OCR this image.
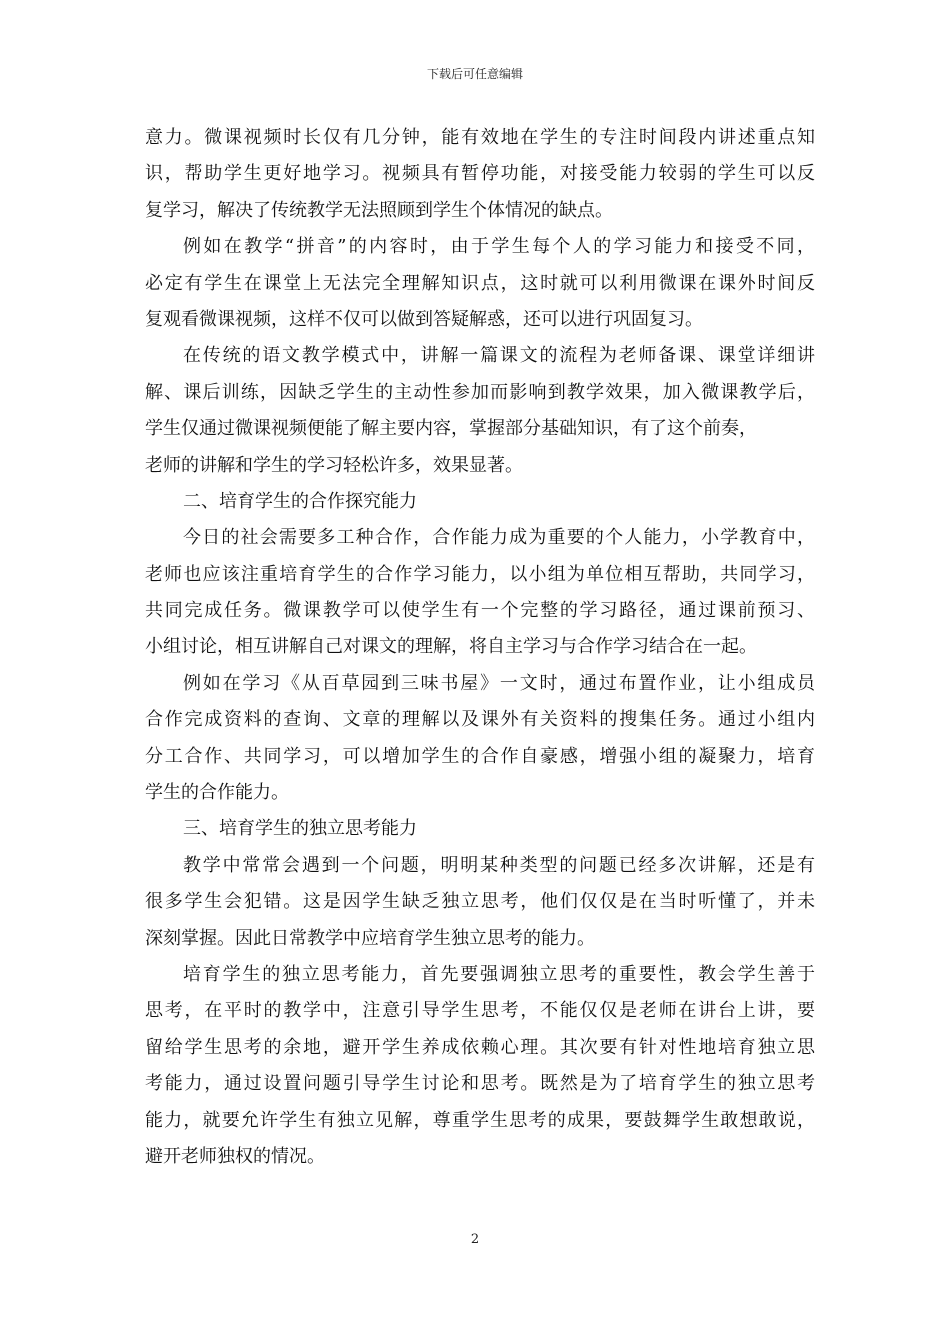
下载后可任意编辑
意力。微课视频时长仅有几分钟，能有效地在学生的专注时间段内讲述重点知
识，帮助学生更好地学习。视频具有暂停功能，对接受能力较弱的学生可以反
复学习，解决了传统教学无法照顾到学生个体情况的缺点。
例如在教学“拼音”的内容时，由于学生每个人的学习能力和接受不同，
必定有学生在课堂上无法完全理解知识点，这时就可以利用微课在课外时间反
复观看微课视频，这样不仅可以做到答疑解惑，还可以进行巩固复习。
在传统的语文教学模式中，讲解一篇课文的流程为老师备课、课堂详细讲
解、课后训练，因缺乏学生的主动性参加而影响到教学效果，加入微课教学后，
学生仅通过微课视频便能了解主要内容，掌握部分基础知识，有了这个前奏，
老师的讲解和学生的学习轻松许多，效果显著。
二、培育学生的合作探究能力
今日的社会需要多工种合作，合作能力成为重要的个人能力，小学教育中，
老师也应该注重培育学生的合作学习能力，以小组为单位相互帮助，共同学习，
共同完成任务。微课教学可以使学生有一个完整的学习路径，通过课前预习、
小组讨论，相互讲解自己对课文的理解，将自主学习与合作学习结合在一起。
例如在学习《从百草园到三味书屋》一文时，通过布置作业，让小组成员
合作完成资料的查询、文章的理解以及课外有关资料的搜集任务。通过小组内
分工合作、共同学习，可以增加学生的合作自豪感，增强小组的凝聚力，培育
学生的合作能力。
三、培育学生的独立思考能力
教学中常常会遇到一个问题，明明某种类型的问题已经多次讲解，还是有
很多学生会犯错。这是因学生缺乏独立思考，他们仅仅是在当时听懂了，并未
深刻掌握。因此日常教学中应培育学生独立思考的能力。
培育学生的独立思考能力，首先要强调独立思考的重要性，教会学生善于
思考，在平时的教学中，注意引导学生思考，不能仅仅是老师在讲台上讲，要
留给学生思考的余地，避开学生养成依赖心理。其次要有针对性地培育独立思
考能力，通过设置问题引导学生讨论和思考。既然是为了培育学生的独立思考
能力，就要允许学生有独立见解，尊重学生思考的成果，要鼓舞学生敢想敢说，
避开老师独权的情况。
2
